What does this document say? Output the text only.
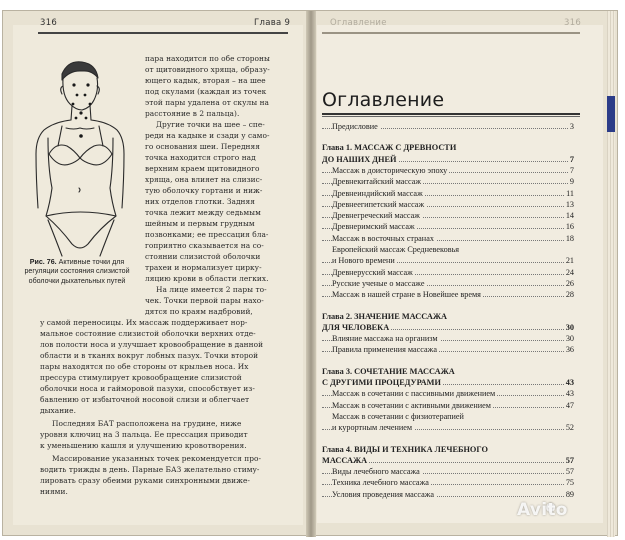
316	Глава 9	Оглавление	316
Рис. 76. Активные точки для регуляции состояния слизистой оболочки дыхательных путей
пара находится по обе стороны
от щитовидного хряща, образу-
ющего кадык, вторая – на шее
под скулами (каждая из точек
этой пары удалена от скулы на
расстояние в 2 пальца).
Другие точки на шее – спе-
реди на кадыке и сзади у само-
го основания шеи. Передняя
точка находится строго над
верхним краем щитовидного
хряща, она влияет на слизис-
тую оболочку гортани и ниж-
них отделов глотки. Задняя
точка лежит между седьмым
шейным и первым грудным
позвонками; ее прессация бла-
гоприятно сказывается на со-
стоянии слизистой оболочки
трахеи и нормализует цирку-
ляцию крови в области легких.
На лице имеется 2 пары то-
чек. Точки первой пары нахо-
дятся по краям надбровий,
у самой переносицы. Их массаж поддерживает нор-
мальное состояние слизистой оболочки верхних отде-
лов полости носа и улучшает кровообращение в данной
области и в тканях вокруг лобных пазух. Точки второй
пары находятся по обе стороны от крыльев носа. Их
прессура стимулирует кровообращение слизистой
оболочки носа и гайморовой пазухи, способствует из-
бавлению от избыточной носовой слизи и облегчает
дыхание.
Последняя БАТ расположена на грудине, ниже
уровня ключиц на 3 пальца. Ее прессация приводит
к уменьшению кашля и улучшению кровотворения.
Массирование указанных точек рекомендуется про-
водить трижды в день. Парные БАЗ желательно стиму-
лировать сразу обеими руками синхронными движе-
ниями.
Оглавление
Предисловие	3
Глава 1. МАССАЖ С ДРЕВНОСТИ
ДО НАШИХ ДНЕЙ	7
Массаж в доисторическую эпоху	7
Древнекитайский массаж	9
Древнеиндийский массаж	11
Древнеегипетский массаж	13
Древнегреческий массаж	14
Древнеримский массаж	16
Массаж в восточных странах	18
Европейский массаж Средневековья
и Нового времени	21
Древнерусский массаж	24
Русские ученые о массаже	26
Массаж в нашей стране в Новейшее время	28
Глава 2. ЗНАЧЕНИЕ МАССАЖА
ДЛЯ ЧЕЛОВЕКА	30
Влияние массажа на организм	30
Правила применения массажа	36
Глава 3. СОЧЕТАНИЕ МАССАЖА
С ДРУГИМИ ПРОЦЕДУРАМИ	43
Массаж в сочетании с пассивными движением	43
Массаж в сочетании с активными движением	47
Массаж в сочетании с физиотерапией
и курортным лечением	52
Глава 4. ВИДЫ И ТЕХНИКА ЛЕЧЕБНОГО
МАССАЖА	57
Виды лечебного массажа	57
Техника лечебного массажа	75
Условия проведения массажа	89
Avito
